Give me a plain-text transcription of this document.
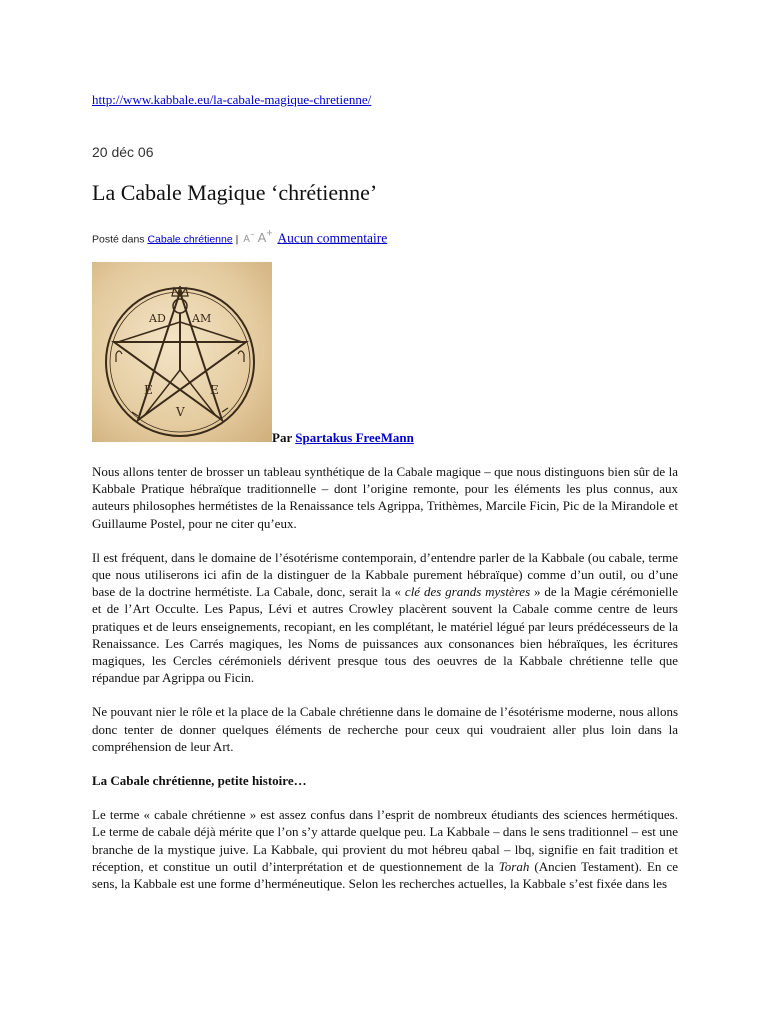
http://www.kabbale.eu/la-cabale-magique-chretienne/
20 déc 06
La Cabale Magique ‘chrétienne’
Posté dans Cabale chrétienne | A− A+ Aucun commentaire
AD AM
E	E
V
Par Spartakus FreeMann

Nous allons tenter de brosser un tableau synthétique de la Cabale magique – que nous distinguons bien sûr de la Kabbale Pratique hébraïque traditionnelle – dont l’origine remonte, pour les éléments les plus connus, aux auteurs philosophes hermétistes de la Renaissance tels Agrippa, Trithèmes, Marcile Ficin, Pic de la Mirandole et Guillaume Postel, pour ne citer qu’eux.

Il est fréquent, dans le domaine de l’ésotérisme contemporain, d’entendre parler de la Kabbale (ou cabale, terme que nous utiliserons ici afin de la distinguer de la Kabbale purement hébraïque) comme d’un outil, ou d’une base de la doctrine hermétiste. La Cabale, donc, serait la « clé des grands mystères » de la Magie cérémonielle et de l’Art Occulte. Les Papus, Lévi et autres Crowley placèrent souvent la Cabale comme centre de leurs pratiques et de leurs enseignements, recopiant, en les complétant, le matériel légué par leurs prédécesseurs de la Renaissance. Les Carrés magiques, les Noms de puissances aux consonances bien hébraïques, les écritures magiques, les Cercles cérémoniels dérivent presque tous des oeuvres de la Kabbale chrétienne telle que répandue par Agrippa ou Ficin.

Ne pouvant nier le rôle et la place de la Cabale chrétienne dans le domaine de l’ésotérisme moderne, nous allons donc tenter de donner quelques éléments de recherche pour ceux qui voudraient aller plus loin dans la compréhension de leur Art.

La Cabale chrétienne, petite histoire…

Le terme « cabale chrétienne » est assez confus dans l’esprit de nombreux étudiants des sciences hermétiques. Le terme de cabale déjà mérite que l’on s’y attarde quelque peu. La Kabbale – dans le sens traditionnel – est une branche de la mystique juive. La Kabbale, qui provient du mot hébreu qabal – lbq, signifie en fait tradition et réception, et constitue un outil d’interprétation et de questionnement de la Torah (Ancien Testament). En ce sens, la Kabbale est une forme d’herméneutique. Selon les recherches actuelles, la Kabbale s’est fixée dans les
